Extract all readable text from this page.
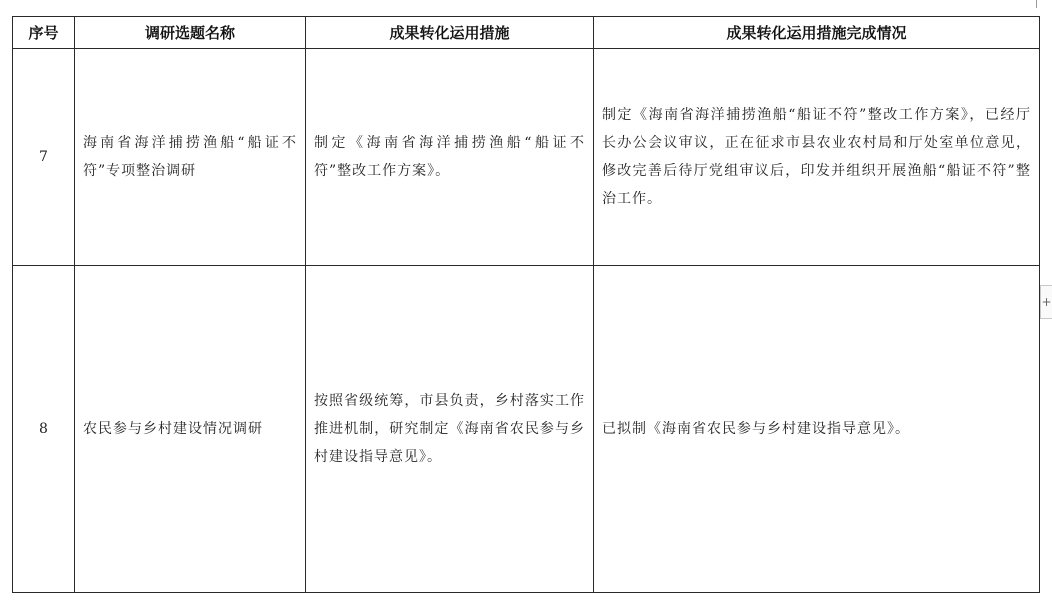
序号	调研选题名称	成果转化运用措施	成果转化运用措施完成情况
7	海南省海洋捕捞渔船“船证不符”专项整治调研	制定《海南省海洋捕捞渔船“船证不符”整改工作方案》。	制定《海南省海洋捕捞渔船“船证不符”整改工作方案》，已经厅长办公会议审议，正在征求市县农业农村局和厅处室单位意见，修改完善后待厅党组审议后，印发并组织开展渔船“船证不符”整治工作。
8	农民参与乡村建设情况调研	按照省级统筹，市县负责，乡村落实工作推进机制，研究制定《海南省农民参与乡村建设指导意见》。	已拟制《海南省农民参与乡村建设指导意见》。
+
